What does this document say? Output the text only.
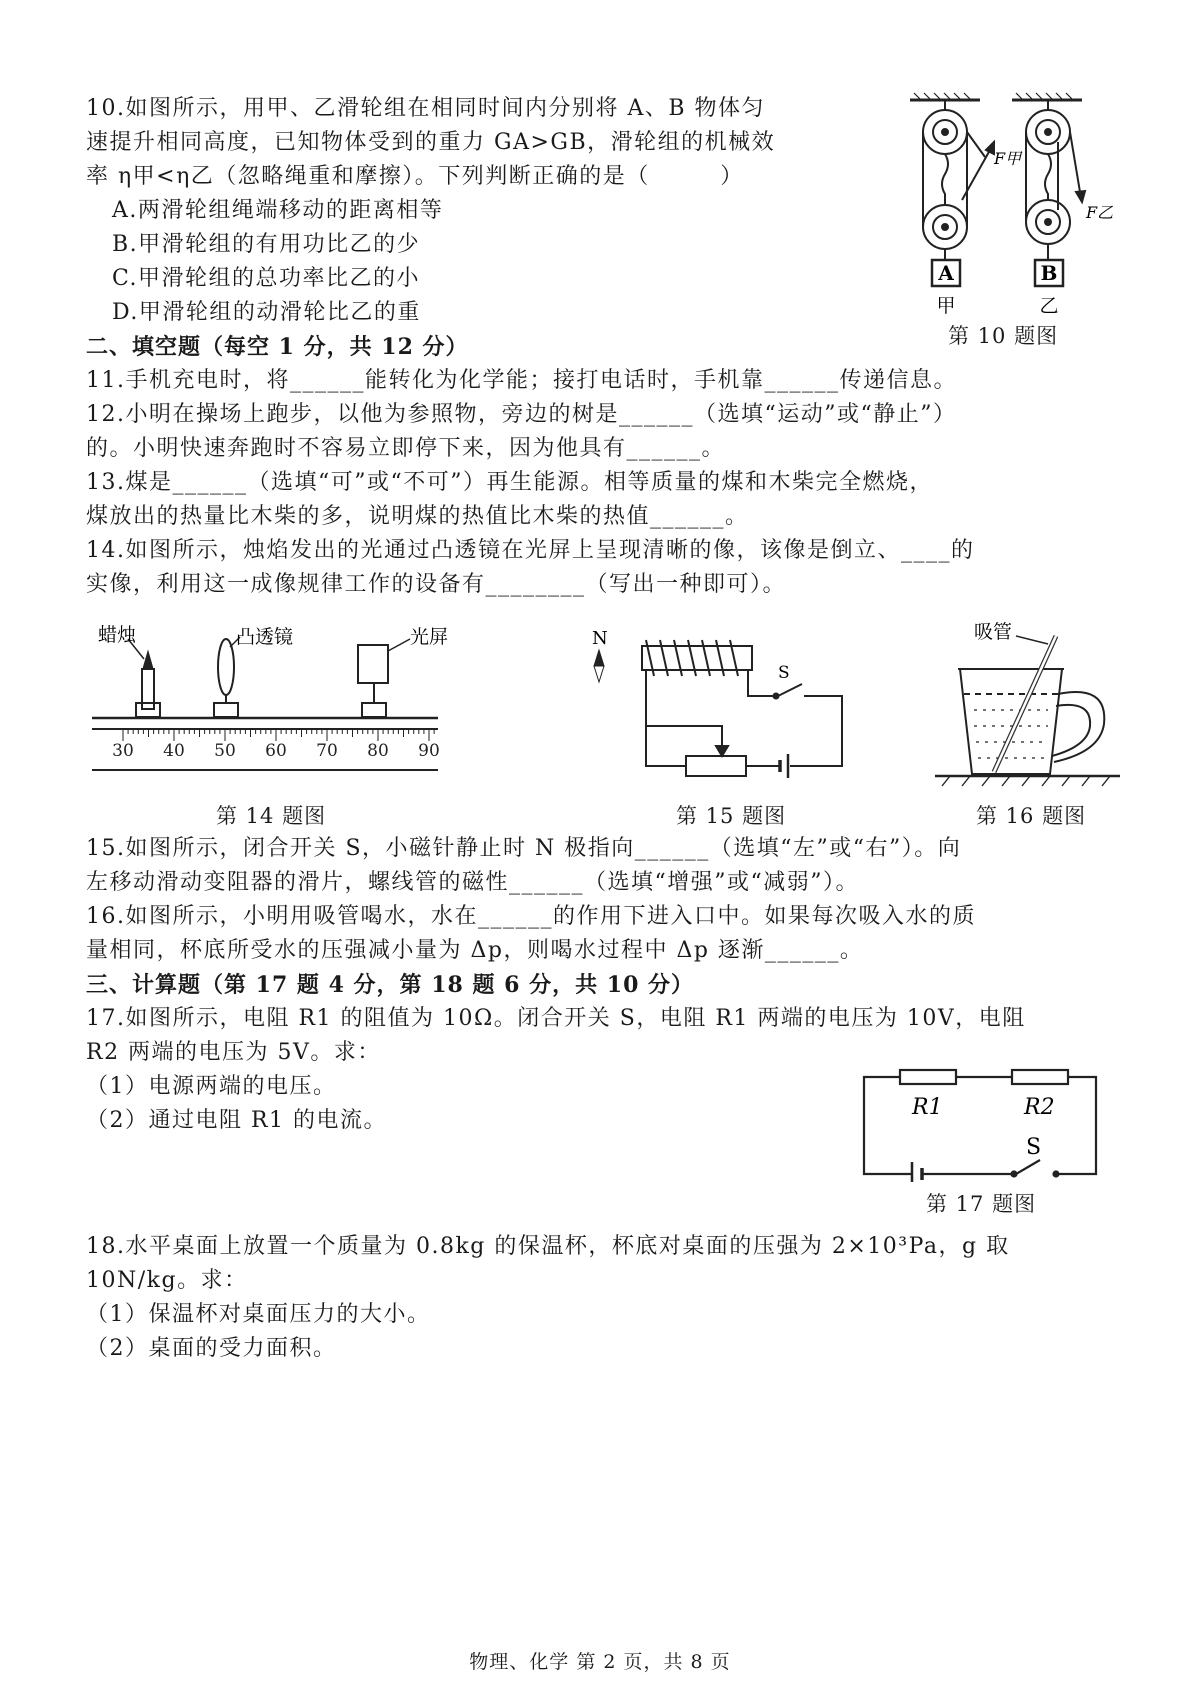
10.如图所示，用甲、乙滑轮组在相同时间内分别将 A、B 物体匀
速提升相同高度，已知物体受到的重力 GA>GB，滑轮组的机械效
率 η甲<η乙（忽略绳重和摩擦）。下列判断正确的是（　　　）
A.两滑轮组绳端移动的距离相等
B.甲滑轮组的有用功比乙的少
C.甲滑轮组的总功率比乙的小
D.甲滑轮组的动滑轮比乙的重
A	B
甲	乙
F甲
F乙
第 10 题图
二、填空题（每空 1 分，共 12 分）
11.手机充电时，将______能转化为化学能；接打电话时，手机靠______传递信息。
12.小明在操场上跑步，以他为参照物，旁边的树是______（选填“运动”或“静止”）
的。小明快速奔跑时不容易立即停下来，因为他具有______。
13.煤是______（选填“可”或“不可”）再生能源。相等质量的煤和木柴完全燃烧，
煤放出的热量比木柴的多，说明煤的热值比木柴的热值______。
14.如图所示，烛焰发出的光通过凸透镜在光屏上呈现清晰的像，该像是倒立、____的
实像，利用这一成像规律工作的设备有________（写出一种即可）。
30 40 50 60 70 80 90
蜡烛	凸透镜	光屏
第 14 题图
N
S
第 15 题图
吸管
第 16 题图
15.如图所示，闭合开关 S，小磁针静止时 N 极指向______（选填“左”或“右”）。向
左移动滑动变阻器的滑片，螺线管的磁性______（选填“增强”或“减弱”）。
16.如图所示，小明用吸管喝水，水在______的作用下进入口中。如果每次吸入水的质
量相同，杯底所受水的压强减小量为 Δp，则喝水过程中 Δp 逐渐______。
三、计算题（第 17 题 4 分，第 18 题 6 分，共 10 分）
17.如图所示，电阻 R1 的阻值为 10Ω。闭合开关 S，电阻 R1 两端的电压为 10V，电阻
R2 两端的电压为 5V。求：
（1）电源两端的电压。
（2）通过电阻 R1 的电流。
R1	R2
S
第 17 题图
18.水平桌面上放置一个质量为 0.8kg 的保温杯，杯底对桌面的压强为 2×10³Pa，g 取
10N/kg。求：
（1）保温杯对桌面压力的大小。
（2）桌面的受力面积。
物理、化学 第 2 页，共 8 页
